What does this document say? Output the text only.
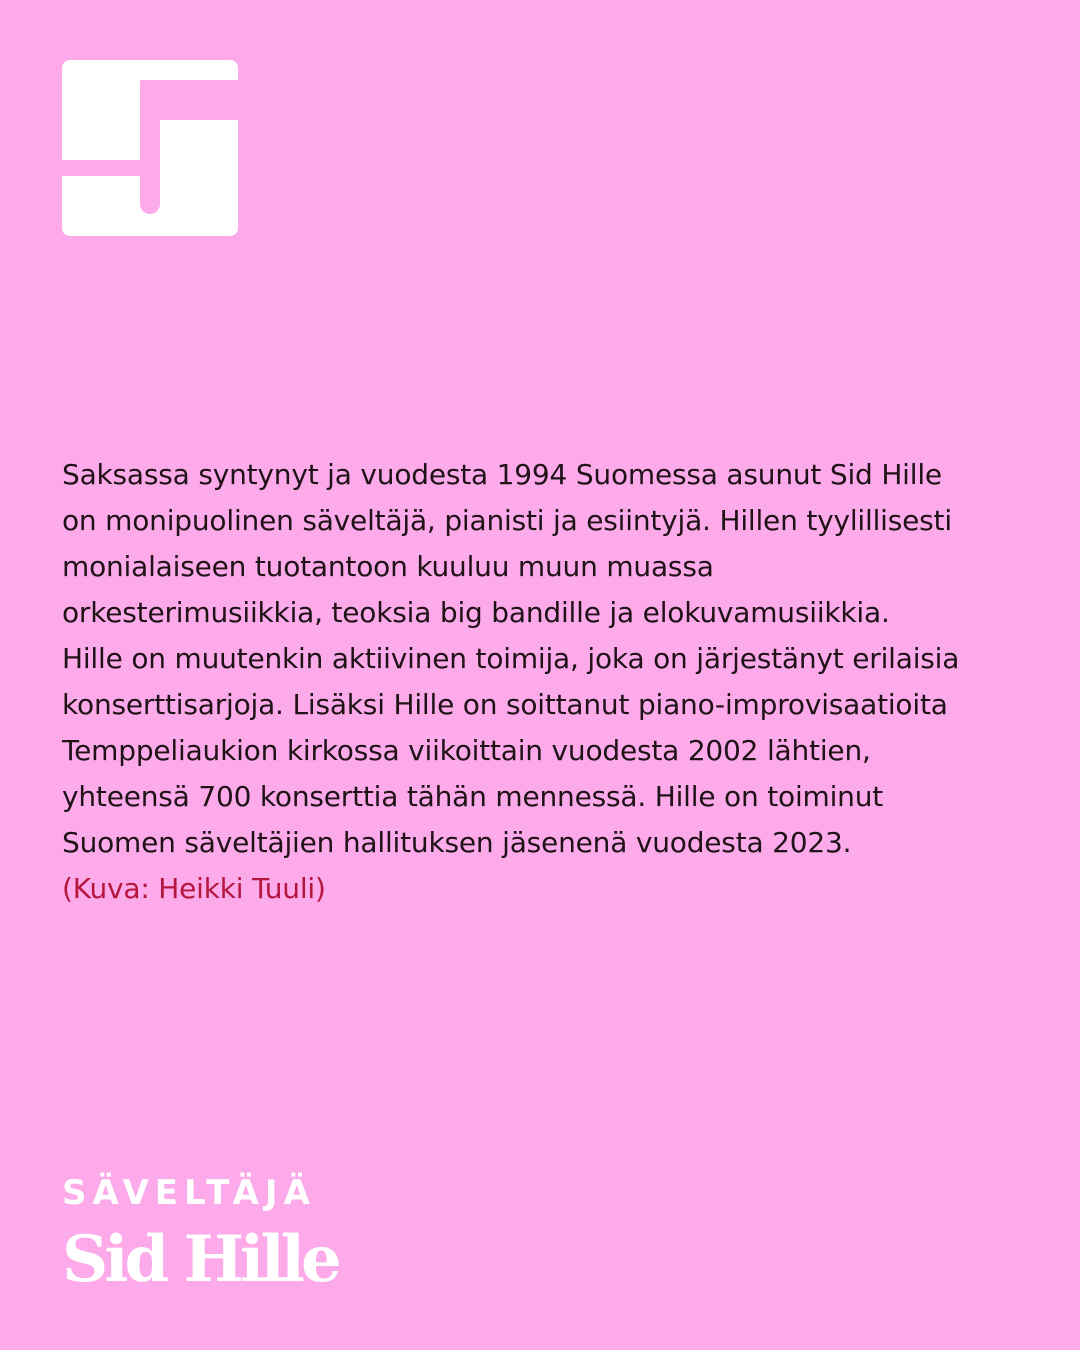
Saksassa syntynyt ja vuodesta 1994 Suomessa asunut Sid Hille
on monipuolinen säveltäjä, pianisti ja esiintyjä. Hillen tyylillisesti
monialaiseen tuotantoon kuuluu muun muassa
orkesterimusiikkia, teoksia big bandille ja elokuvamusiikkia.
Hille on muutenkin aktiivinen toimija, joka on järjestänyt erilaisia
konserttisarjoja. Lisäksi Hille on soittanut piano-improvisaatioita
Temppeliaukion kirkossa viikoittain vuodesta 2002 lähtien,
yhteensä 700 konserttia tähän mennessä. Hille on toiminut
Suomen säveltäjien hallituksen jäsenenä vuodesta 2023.

(Kuva: Heikki Tuuli)

SÄVELTÄJÄ
Sid Hille
